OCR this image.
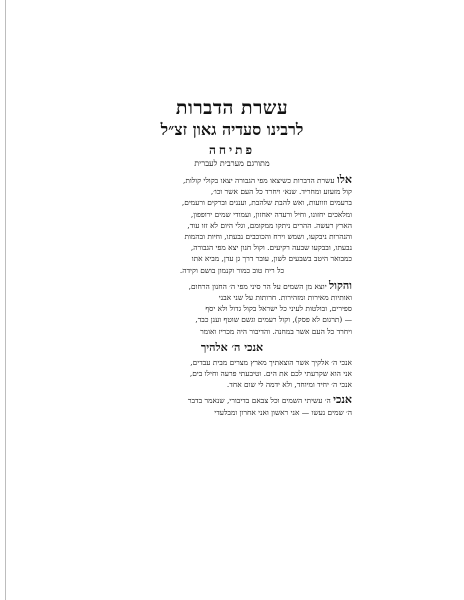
עשרת הדברות
לרבינו סעדיה גאון זצ״ל
פתיחה
מתורגם מערבית לעברית
אלו עשרת הדברות כשיצאו מפי הגבורה יצאו בקולי קולות,
קול מזעזע ומחריד. שנא׳ ויחרד כל העם אשר וכו׳,
ברעמים וזוועות, ואש להבת שלהבת, ועננים וברקים ורעמים,
ומלאכים יחזונו, וחיל ורעדה יאחזון, ועמודי שמים ירופפון,
הארץ רעשה. ההרים ניתקו ממקומם, וגלי היום לא זזו עוד,
והנהרות ניבקעו, ושמש וירח והכוכבים נבעתו, וחיות ובהמות
נבעתו, ובבקעו שבעה רקיעים. וקול חנון יצא מפי הגבורה,
כמבואר היטב בשבעים לשון, עובר דרך גן עדן, מביא אתו
כל ריח טוב כמור וקנמון בושם וקידה.
והקול יוצא מן השמים על הר סיני מפי ה׳ החנון הרחום,
ואותיות מאירות ומזהירות. חרותות על שני אבני
ספירים, ובולטות לעיני כל ישראל בקול גדול ולא יסף
— (תרגום לא פסק), וקול רעמים וגשם שוטף וענן כבד,
ויחרד כל העם אשר במחנה. והדיבור היה מכריז ואומר
אנכי ה׳ אלהיך
אנכי ה׳ אלקיך אשר הוצאתיך מארץ מצרים מבית עבדים,
אני הוא שקרעתי לכם את הים. וטיבעתי פרעה וחילו בים,
אנכי ה׳ יחיד ומיוחד, ולא ידמה לי שום אחד.
אנכי ה׳ עשיתי השמים וכל צבאם בדיבורי, שנאמר בדבר
ה׳ שמים נעשו — אני ראשון ואני אחרון ומבלעדי
